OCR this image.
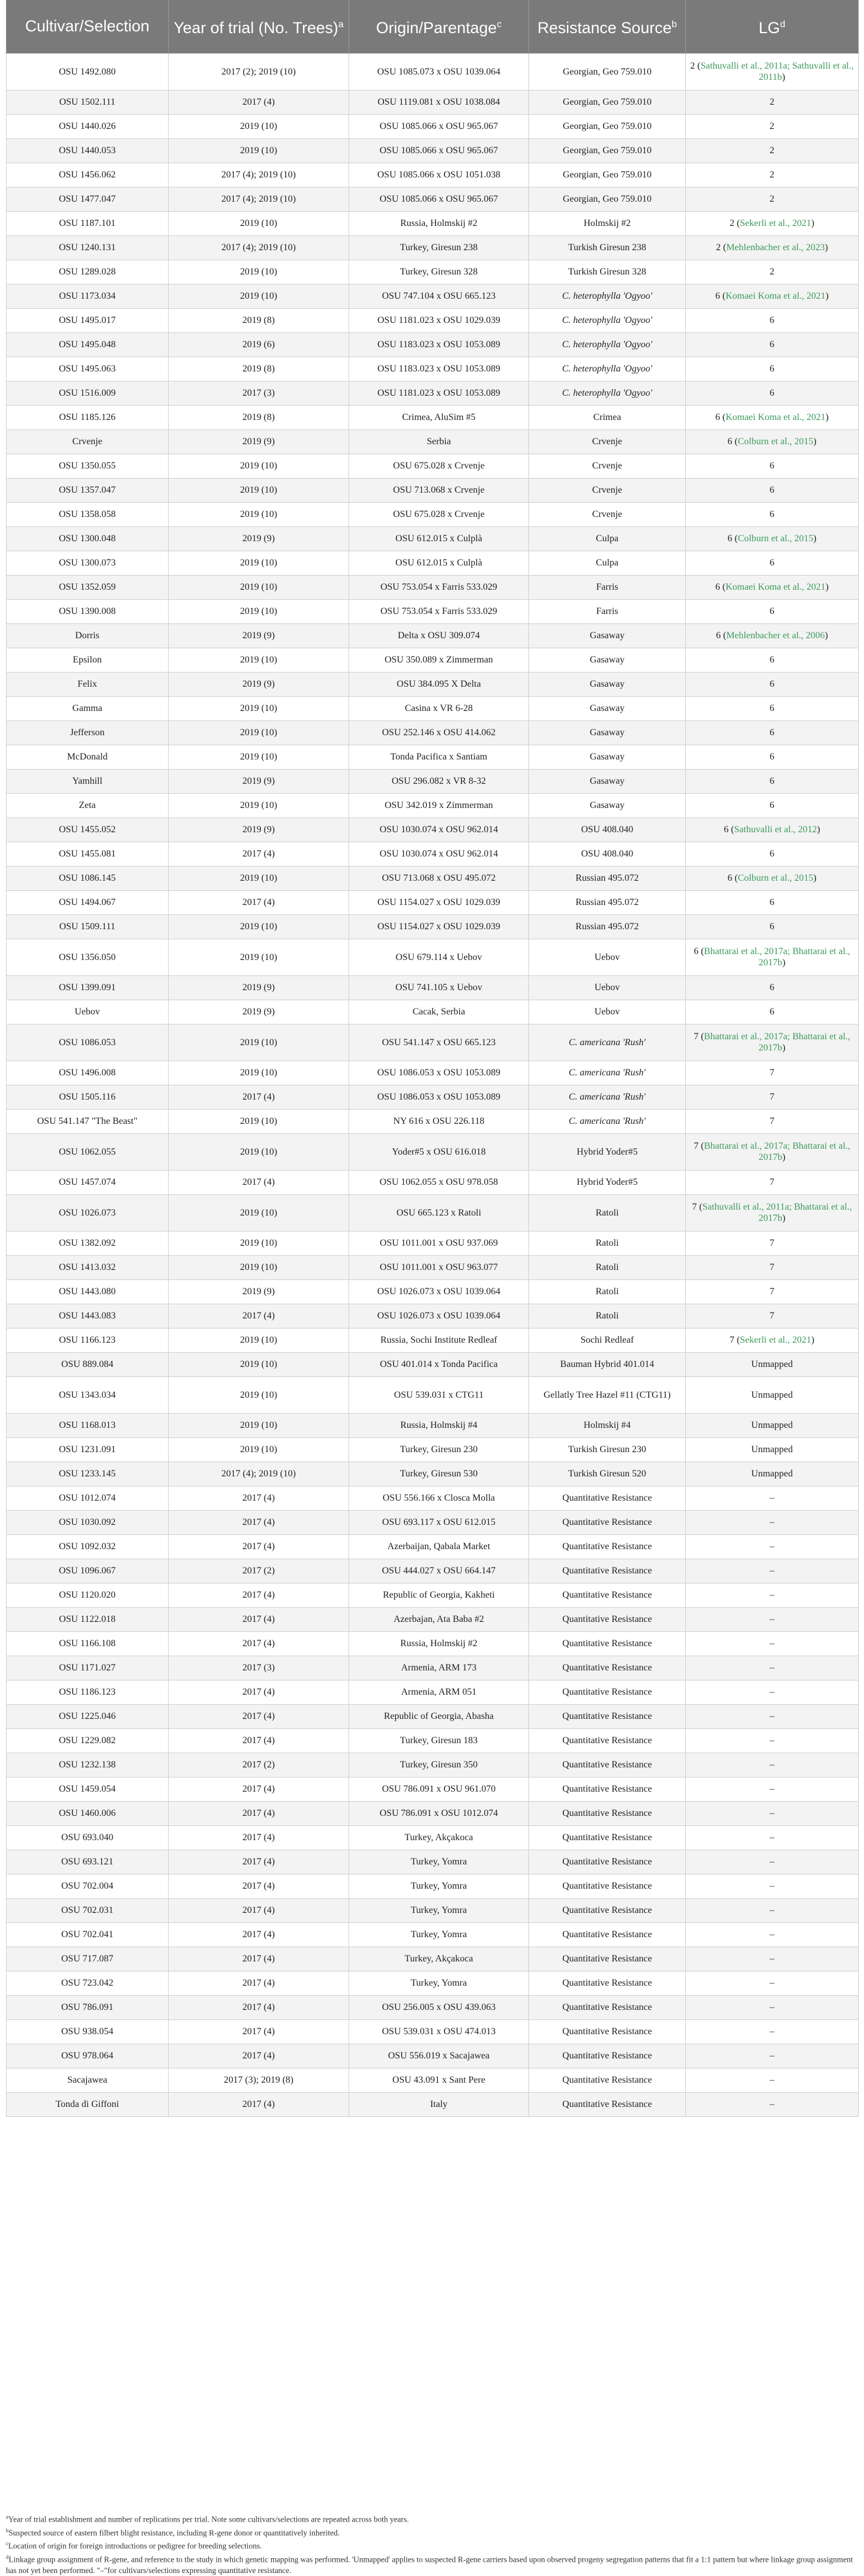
Cultivar/Selection	Year of trial (No. Trees)$^a$	Origin/Parentage$^c$	Resistance Source$^b$	$LG^d$
OSU 1492.080	2017 (2); 2019 (10)	OSU 1085.073 x OSU 1039.064	Georgian, Geo 759.010	2 (Sathuvalli et al., 2011a; Sathuvalli et al., 2011b)
OSU 1502.111	2017 (4)	OSU 1119.081 x OSU 1038.084	Georgian, Geo 759.010	2
OSU 1440.026	2019 (10)	OSU 1085.066 x OSU 965.067	Georgian, Geo 759.010	2
OSU 1440.053	2019 (10)	OSU 1085.066 x OSU 965.067	Georgian, Geo 759.010	2
OSU 1456.062	2017 (4); 2019 (10)	OSU 1085.066 x OSU 1051.038	Georgian, Geo 759.010	2
OSU 1477.047	2017 (4); 2019 (10)	OSU 1085.066 x OSU 965.067	Georgian, Geo 759.010	2
OSU 1187.101	2019 (10)	Russia, Holmskij #2	Holmskij #2	2 (Sekerli et al., 2021)
OSU 1240.131	2017 (4); 2019 (10)	Turkey, Giresun 238	Turkish Giresun 238	2 (Mehlenbacher et al., 2023)
OSU 1289.028	2019 (10)	Turkey, Giresun 328	Turkish Giresun 328	2
OSU 1173.034	2019 (10)	OSU 747.104 x OSU 665.123	C. heterophylla 'Ogyoo'	6 (Komaei Koma et al., 2021)
OSU 1495.017	2019 (8)	OSU 1181.023 x OSU 1029.039	C. heterophylla 'Ogyoo'	6
OSU 1495.048	2019 (6)	OSU 1183.023 x OSU 1053.089	C. heterophylla 'Ogyoo'	6
OSU 1495.063	2019 (8)	OSU 1183.023 x OSU 1053.089	C. heterophylla 'Ogyoo'	6
OSU 1516.009	2017 (3)	OSU 1181.023 x OSU 1053.089	C. heterophylla 'Ogyoo'	6
OSU 1185.126	2019 (8)	Crimea, AluSim #5	Crimea	6 (Komaei Koma et al., 2021)
Crvenje	2019 (9)	Serbia	Crvenje	6 (Colburn et al., 2015)
OSU 1350.055	2019 (10)	OSU 675.028 x Crvenje	Crvenje	6
OSU 1357.047	2019 (10)	OSU 713.068 x Crvenje	Crvenje	6
OSU 1358.058	2019 (10)	OSU 675.028 x Crvenje	Crvenje	6
OSU 1300.048	2019 (9)	OSU 612.015 x Culplà	Culpa	6 (Colburn et al., 2015)
OSU 1300.073	2019 (10)	OSU 612.015 x Culplà	Culpa	6
OSU 1352.059	2019 (10)	OSU 753.054 x Farris 533.029	Farris	6 (Komaei Koma et al., 2021)
OSU 1390.008	2019 (10)	OSU 753.054 x Farris 533.029	Farris	6
Dorris	2019 (9)	Delta x OSU 309.074	Gasaway	6 (Mehlenbacher et al., 2006)
Epsilon	2019 (10)	OSU 350.089 x Zimmerman	Gasaway	6
Felix	2019 (9)	OSU 384.095 X Delta	Gasaway	6
Gamma	2019 (10)	Casina x VR 6-28	Gasaway	6
Jefferson	2019 (10)	OSU 252.146 x OSU 414.062	Gasaway	6
McDonald	2019 (10)	Tonda Pacifica x Santiam	Gasaway	6
Yamhill	2019 (9)	OSU 296.082 x VR 8-32	Gasaway	6
Zeta	2019 (10)	OSU 342.019 x Zimmerman	Gasaway	6
OSU 1455.052	2019 (9)	OSU 1030.074 x OSU 962.014	OSU 408.040	6 (Sathuvalli et al., 2012)
OSU 1455.081	2017 (4)	OSU 1030.074 x OSU 962.014	OSU 408.040	6
OSU 1086.145	2019 (10)	OSU 713.068 x OSU 495.072	Russian 495.072	6 (Colburn et al., 2015)
OSU 1494.067	2017 (4)	OSU 1154.027 x OSU 1029.039	Russian 495.072	6
OSU 1509.111	2019 (10)	OSU 1154.027 x OSU 1029.039	Russian 495.072	6
OSU 1356.050	2019 (10)	OSU 679.114 x Uebov	Uebov	6 (Bhattarai et al., 2017a; Bhattarai et al., 2017b)
OSU 1399.091	2019 (9)	OSU 741.105 x Uebov	Uebov	6
Uebov	2019 (9)	Cacak, Serbia	Uebov	6
OSU 1086.053	2019 (10)	OSU 541.147 x OSU 665.123	C. americana 'Rush'	7 (Bhattarai et al., 2017a; Bhattarai et al., 2017b)
OSU 1496.008	2019 (10)	OSU 1086.053 x OSU 1053.089	C. americana 'Rush'	7
OSU 1505.116	2017 (4)	OSU 1086.053 x OSU 1053.089	C. americana 'Rush'	7
OSU 541.147 "The Beast"	2019 (10)	NY 616 x OSU 226.118	C. americana 'Rush'	7
OSU 1062.055	2019 (10)	Yoder#5 x OSU 616.018	Hybrid Yoder#5	7 (Bhattarai et al., 2017a; Bhattarai et al., 2017b)
OSU 1457.074	2017 (4)	OSU 1062.055 x OSU 978.058	Hybrid Yoder#5	7
OSU 1026.073	2019 (10)	OSU 665.123 x Ratoli	Ratoli	7 (Sathuvalli et al., 2011a; Bhattarai et al., 2017b)
OSU 1382.092	2019 (10)	OSU 1011.001 x OSU 937.069	Ratoli	7
OSU 1413.032	2019 (10)	OSU 1011.001 x OSU 963.077	Ratoli	7
OSU 1443.080	2019 (9)	OSU 1026.073 x OSU 1039.064	Ratoli	7
OSU 1443.083	2017 (4)	OSU 1026.073 x OSU 1039.064	Ratoli	7
OSU 1166.123	2019 (10)	Russia, Sochi Institute Redleaf	Sochi Redleaf	7 (Sekerli et al., 2021)
OSU 889.084	2019 (10)	OSU 401.014 x Tonda Pacifica	Bauman Hybrid 401.014	Unmapped
OSU 1343.034	2019 (10)	OSU 539.031 x CTG11	Gellatly Tree Hazel #11 (CTG11)	Unmapped
OSU 1168.013	2019 (10)	Russia, Holmskij #4	Holmskij #4	Unmapped
OSU 1231.091	2019 (10)	Turkey, Giresun 230	Turkish Giresun 230	Unmapped
OSU 1233.145	2017 (4); 2019 (10)	Turkey, Giresun 530	Turkish Giresun 520	Unmapped
OSU 1012.074	2017 (4)	OSU 556.166 x Closca Molla	Quantitative Resistance	–
OSU 1030.092	2017 (4)	OSU 693.117 x OSU 612.015	Quantitative Resistance	–
OSU 1092.032	2017 (4)	Azerbaijan, Qabala Market	Quantitative Resistance	–
OSU 1096.067	2017 (2)	OSU 444.027 x OSU 664.147	Quantitative Resistance	–
OSU 1120.020	2017 (4)	Republic of Georgia, Kakheti	Quantitative Resistance	–
OSU 1122.018	2017 (4)	Azerbajan, Ata Baba #2	Quantitative Resistance	–
OSU 1166.108	2017 (4)	Russia, Holmskij #2	Quantitative Resistance	–
OSU 1171.027	2017 (3)	Armenia, ARM 173	Quantitative Resistance	–
OSU 1186.123	2017 (4)	Armenia, ARM 051	Quantitative Resistance	–
OSU 1225.046	2017 (4)	Republic of Georgia, Abasha	Quantitative Resistance	–
OSU 1229.082	2017 (4)	Turkey, Giresun 183	Quantitative Resistance	–
OSU 1232.138	2017 (2)	Turkey, Giresun 350	Quantitative Resistance	–
OSU 1459.054	2017 (4)	OSU 786.091 x OSU 961.070	Quantitative Resistance	–
OSU 1460.006	2017 (4)	OSU 786.091 x OSU 1012.074	Quantitative Resistance	–
OSU 693.040	2017 (4)	Turkey, Akçakoca	Quantitative Resistance	–
OSU 693.121	2017 (4)	Turkey, Yomra	Quantitative Resistance	–
OSU 702.004	2017 (4)	Turkey, Yomra	Quantitative Resistance	–
OSU 702.031	2017 (4)	Turkey, Yomra	Quantitative Resistance	–
OSU 702.041	2017 (4)	Turkey, Yomra	Quantitative Resistance	–
OSU 717.087	2017 (4)	Turkey, Akçakoca	Quantitative Resistance	–
OSU 723.042	2017 (4)	Turkey, Yomra	Quantitative Resistance	–
OSU 786.091	2017 (4)	OSU 256.005 x OSU 439.063	Quantitative Resistance	–
OSU 938.054	2017 (4)	OSU 539.031 x OSU 474.013	Quantitative Resistance	–
OSU 978.064	2017 (4)	OSU 556.019 x Sacajawea	Quantitative Resistance	–
Sacajawea	2017 (3); 2019 (8)	OSU 43.091 x Sant Pere	Quantitative Resistance	–
Tonda di Giffoni	2017 (4)	Italy	Quantitative Resistance	–

$^a$Year of trial establishment and number of replications per trial. Note some cultivars/selections are repeated across both years.

$^b$Suspected source of eastern filbert blight resistance, including R-gene donor or quantitatively inherited.

$^c$Location of origin for foreign introductions or pedigree for breeding selections.

$^d$Linkage group assignment of R-gene, and reference to the study in which genetic mapping was performed. 'Unmapped' applies to suspected R-gene carriers based upon observed progeny segregation patterns that fit a 1:1 pattern but where linkage group assignment has not yet been performed. "–"for cultivars/selections expressing quantitative resistance.
